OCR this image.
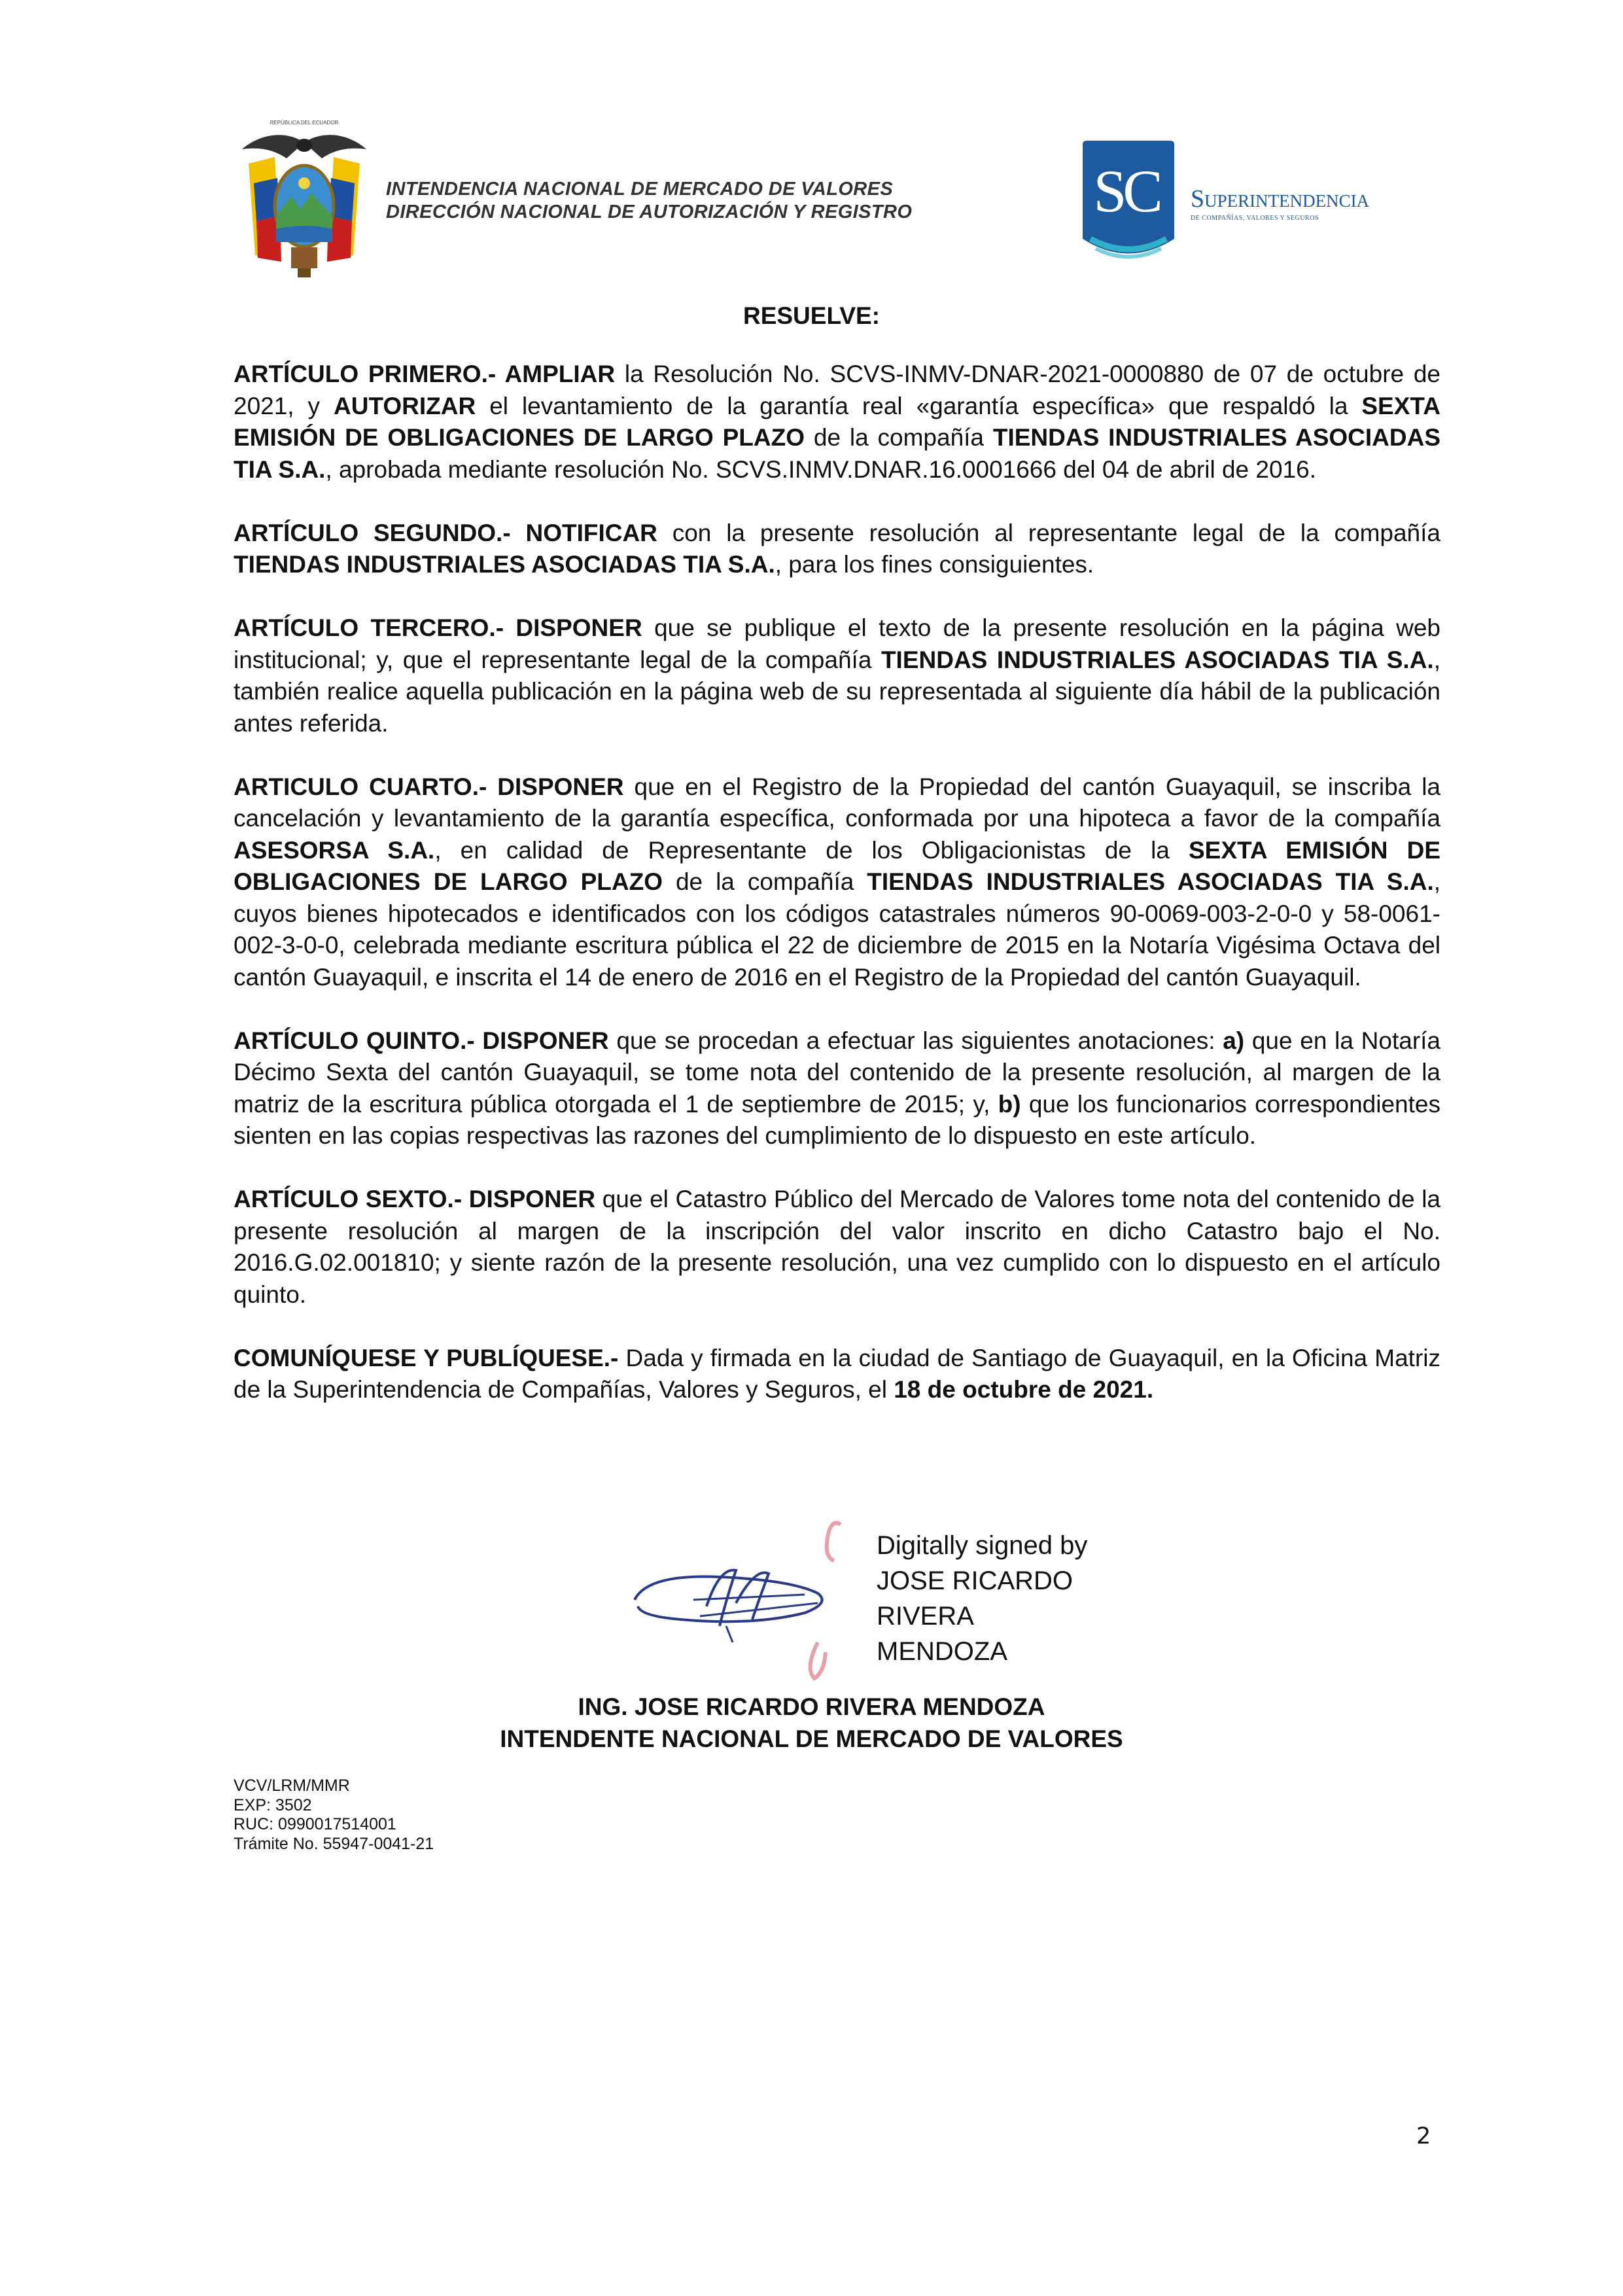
REPÚBLICA DEL ECUADOR
INTENDENCIA NACIONAL DE MERCADO DE VALORES
DIRECCIÓN NACIONAL DE AUTORIZACIÓN Y REGISTRO	S
C Superintendencia
DE COMPAÑÍAS, VALORES Y SEGUROS
RESUELVE:

ARTÍCULO PRIMERO.- AMPLIAR la Resolución No. SCVS-INMV-DNAR-2021-0000880 de 07 de octubre de 2021, y AUTORIZAR el levantamiento de la garantía real «garantía específica» que respaldó la SEXTA EMISIÓN DE OBLIGACIONES DE LARGO PLAZO de la compañía TIENDAS INDUSTRIALES ASOCIADAS TIA S.A., aprobada mediante resolución No. SCVS.INMV.DNAR.16.0001666 del 04 de abril de 2016.

ARTÍCULO SEGUNDO.- NOTIFICAR con la presente resolución al representante legal de la compañía TIENDAS INDUSTRIALES ASOCIADAS TIA S.A., para los fines consiguientes.

ARTÍCULO TERCERO.- DISPONER que se publique el texto de la presente resolución en la página web institucional; y, que el representante legal de la compañía TIENDAS INDUSTRIALES ASOCIADAS TIA S.A., también realice aquella publicación en la página web de su representada al siguiente día hábil de la publicación antes referida.

ARTICULO CUARTO.- DISPONER que en el Registro de la Propiedad del cantón Guayaquil, se inscriba la cancelación y levantamiento de la garantía específica, conformada por una hipoteca a favor de la compañía ASESORSA S.A., en calidad de Representante de los Obligacionistas de la SEXTA EMISIÓN DE OBLIGACIONES DE LARGO PLAZO de la compañía TIENDAS INDUSTRIALES ASOCIADAS TIA S.A., cuyos bienes hipotecados e identificados con los códigos catastrales números 90-0069-003-2-0-0 y 58-0061-002-3-0-0, celebrada mediante escritura pública el 22 de diciembre de 2015 en la Notaría Vigésima Octava del cantón Guayaquil, e inscrita el 14 de enero de 2016 en el Registro de la Propiedad del cantón Guayaquil.

ARTÍCULO QUINTO.- DISPONER que se procedan a efectuar las siguientes anotaciones: a) que en la Notaría Décimo Sexta del cantón Guayaquil, se tome nota del contenido de la presente resolución, al margen de la matriz de la escritura pública otorgada el 1 de septiembre de 2015; y, b) que los funcionarios correspondientes sienten en las copias respectivas las razones del cumplimiento de lo dispuesto en este artículo.

ARTÍCULO SEXTO.- DISPONER que el Catastro Público del Mercado de Valores tome nota del contenido de la presente resolución al margen de la inscripción del valor inscrito en dicho Catastro bajo el No. 2016.G.02.001810; y siente razón de la presente resolución, una vez cumplido con lo dispuesto en el artículo quinto.

COMUNÍQUESE Y PUBLÍQUESE.- Dada y firmada en la ciudad de Santiago de Guayaquil, en la Oficina Matriz de la Superintendencia de Compañías, Valores y Seguros, el 18 de octubre de 2021.

Digitally signed by
JOSE RICARDO
RIVERA
MENDOZA
ING. JOSE RICARDO RIVERA MENDOZA
INTENDENTE NACIONAL DE MERCADO DE VALORES
VCV/LRM/MMR
EXP: 3502
RUC: 0990017514001
Trámite No. 55947-0041-21
2
